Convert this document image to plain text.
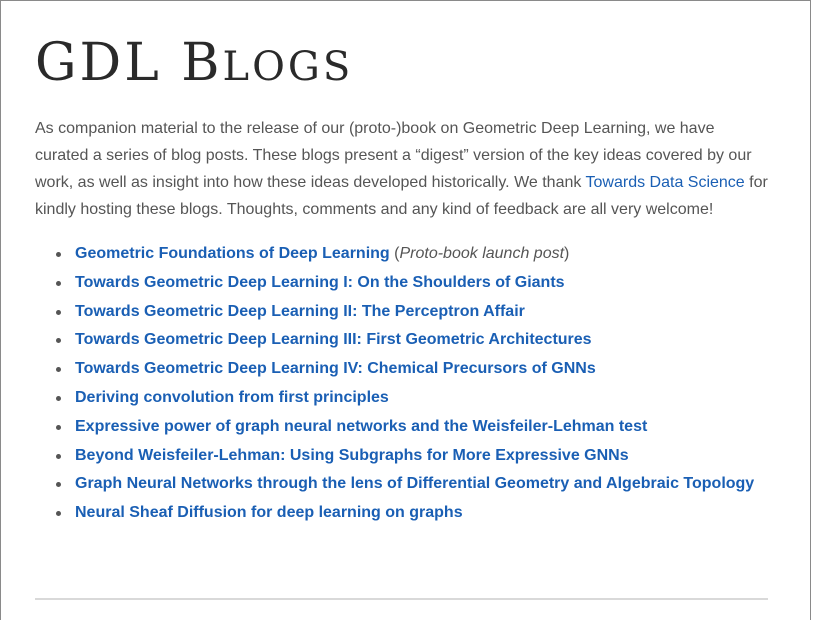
GDL BLOGS

As companion material to the release of our (proto-)book on Geometric Deep Learning, we have curated a series of blog posts. These blogs present a “digest” version of the key ideas covered by our work, as well as insight into how these ideas developed historically. We thank Towards Data Science for kindly hosting these blogs. Thoughts, comments and any kind of feedback are all very welcome!

Geometric Foundations of Deep Learning (Proto-book launch post)
Towards Geometric Deep Learning I: On the Shoulders of Giants
Towards Geometric Deep Learning II: The Perceptron Affair
Towards Geometric Deep Learning III: First Geometric Architectures
Towards Geometric Deep Learning IV: Chemical Precursors of GNNs
Deriving convolution from first principles
Expressive power of graph neural networks and the Weisfeiler-Lehman test
Beyond Weisfeiler-Lehman: Using Subgraphs for More Expressive GNNs
Graph Neural Networks through the lens of Differential Geometry and Algebraic Topology
Neural Sheaf Diffusion for deep learning on graphs
